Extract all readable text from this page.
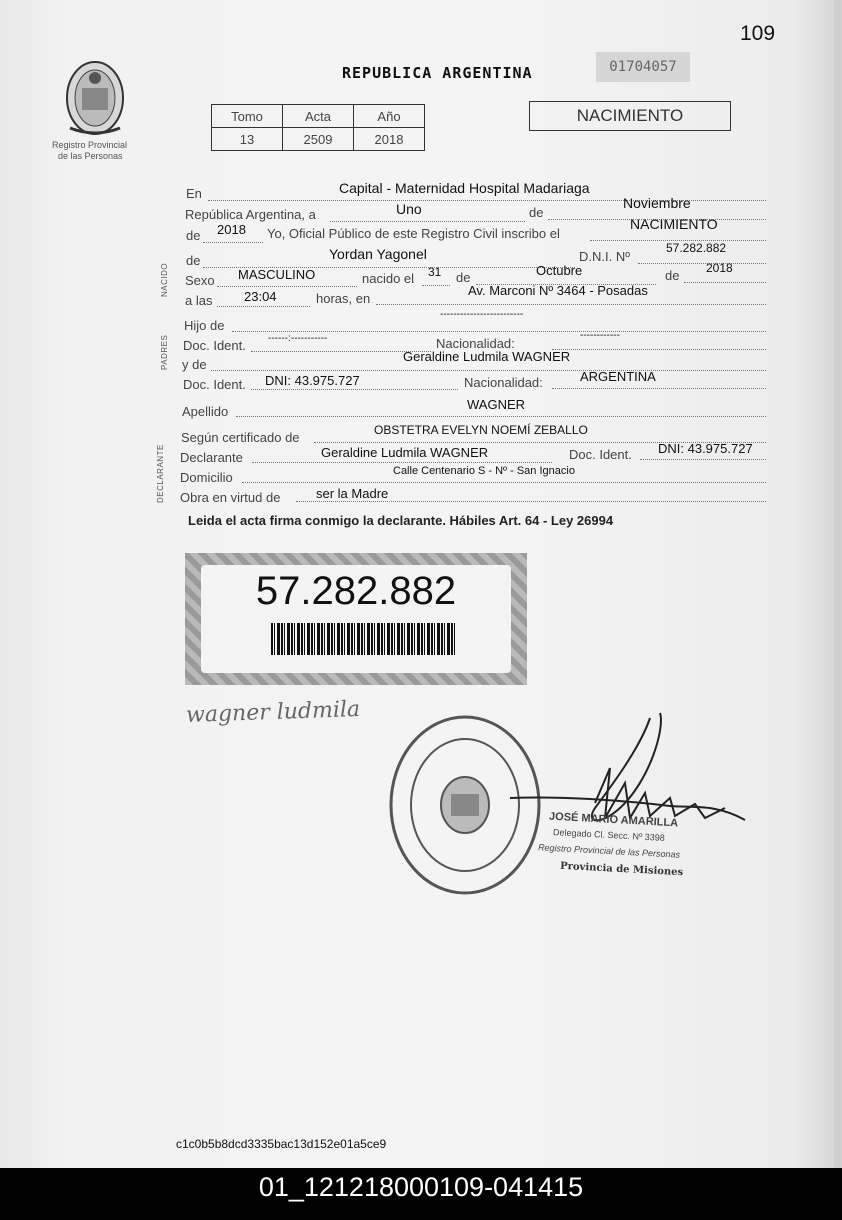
109
Registro Provincial
de las Personas
REPUBLICA ARGENTINA	01704057
NACIMIENTO
Tomo	Acta	Año
13	2509	2018
NACIDO
PADRES
DECLARANTE
En	Capital - Maternidad Hospital Madariaga
República Argentina, a	Uno	de
Noviembre
de 2018 Yo, Oficial Público de este Registro Civil inscribo el
NACIMIENTO
de	Yordan Yagonel	D.N.I. Nº
57.282.882
Sexo MASCULINO	nacido el 31 de	Octubre	de 2018
a las 23:04	horas, en
Av. Marconi Nº 3464 - Posadas
Hijo de
-------------------------
Doc. Ident. ------:-----------	Nacionalidad:
------------
y de
Geraldine Ludmila WAGNER
Doc. Ident. DNI: 43.975.727	Nacionalidad:	ARGENTINA
Apellido	WAGNER
Según certificado de	OBSTETRA EVELYN NOEMÍ ZEBALLO
Declarante	Geraldine Ludmila WAGNER	Doc. Ident. DNI: 43.975.727
Domicilio	Calle Centenario S - Nº - San Ignacio
Obra en virtud de	ser la Madre
Leida el acta firma conmigo la declarante. Hábiles Art. 64 - Ley 26994
57.282.882
wagner ludmila
JOSÉ MARIO AMARILLA
Delegado Cl. Secc. Nº 3398
Registro Provincial de las Personas
Provincia de Misiones
c1c0b5b8dcd3335bac13d152e01a5ce9
01_121218000109-041415
